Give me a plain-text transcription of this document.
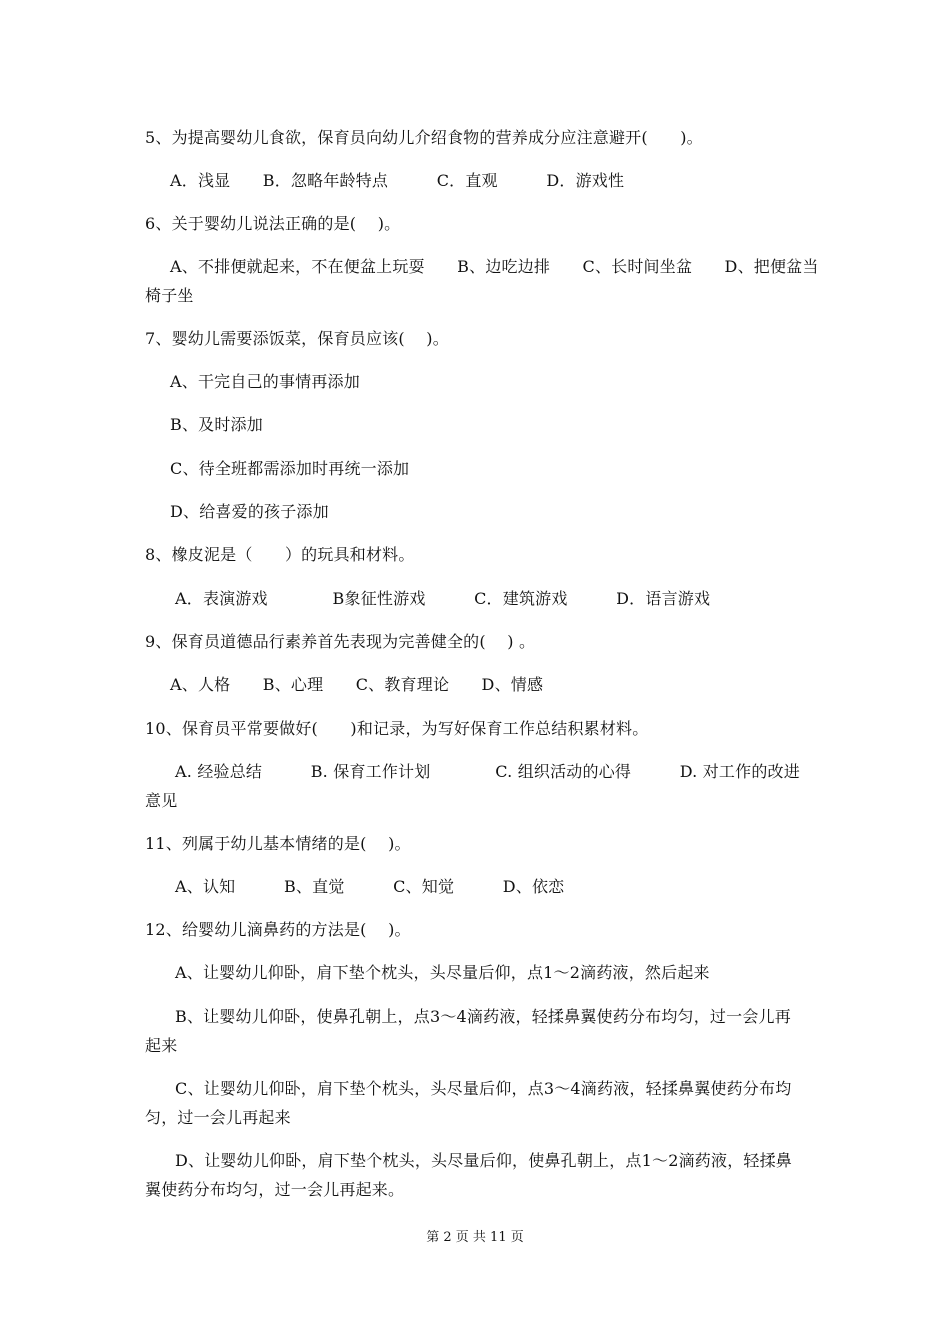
5、为提高婴幼儿食欲，保育员向幼儿介绍食物的营养成分应注意避开(　　)。
A．浅显　　B．忽略年龄特点　　　C．直观　　　D．游戏性
6、关于婴幼儿说法正确的是(　 )。
A、不排便就起来，不在便盆上玩耍　　B、边吃边排　　C、长时间坐盆　　D、把便盆当
椅子坐
7、婴幼儿需要添饭菜，保育员应该(　 )。
A、干完自己的事情再添加
B、及时添加
C、待全班都需添加时再统一添加
D、给喜爱的孩子添加
8、橡皮泥是（　　）的玩具和材料。
A．表演游戏　　　　B象征性游戏　　　C．建筑游戏　　　D．语言游戏
9、保育员道德品行素养首先表现为完善健全的(　 ) 。
A、人格　　B、心理　　C、教育理论　　D、情感
10、保育员平常要做好(　　)和记录，为写好保育工作总结积累材料。
A. 经验总结　　　B. 保育工作计划　　　　C. 组织活动的心得　　　D. 对工作的改进
意见
11、列属于幼儿基本情绪的是(　 )。
A、认知　　　B、直觉　　　C、知觉　　　D、依恋
12、给婴幼儿滴鼻药的方法是(　 )。
A、让婴幼儿仰卧，肩下垫个枕头，头尽量后仰，点1～2滴药液，然后起来
B、让婴幼儿仰卧，使鼻孔朝上，点3～4滴药液，轻揉鼻翼使药分布均匀，过一会儿再
起来
C、让婴幼儿仰卧，肩下垫个枕头，头尽量后仰，点3～4滴药液，轻揉鼻翼使药分布均
匀，过一会儿再起来
D、让婴幼儿仰卧，肩下垫个枕头，头尽量后仰，使鼻孔朝上，点1～2滴药液，轻揉鼻
翼使药分布均匀，过一会儿再起来。
第 2 页 共 11 页
